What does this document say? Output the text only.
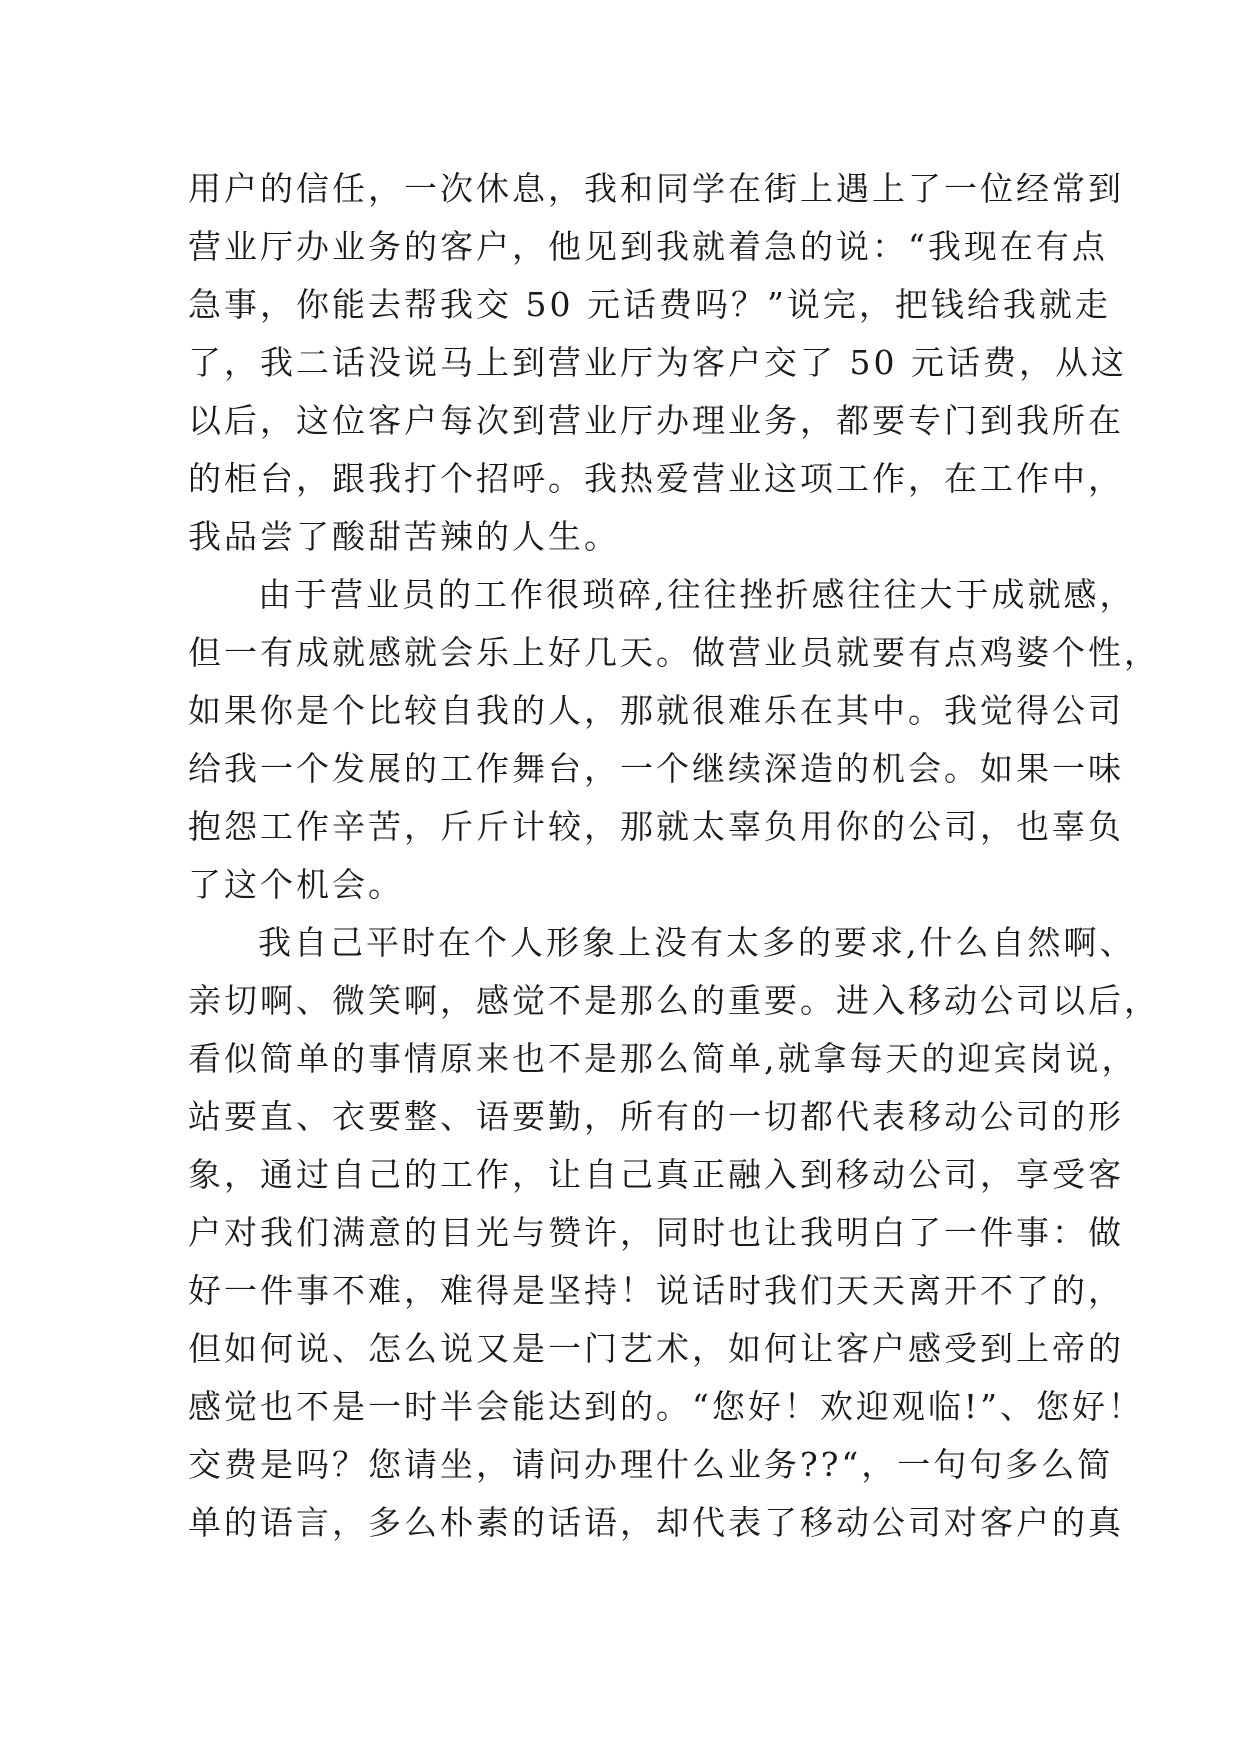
用户的信任，一次休息，我和同学在街上遇上了一位经常到
营业厅办业务的客户，他见到我就着急的说：“我现在有点
急事，你能去帮我交 50 元话费吗？”说完，把钱给我就走
了，我二话没说马上到营业厅为客户交了 50 元话费，从这
以后，这位客户每次到营业厅办理业务，都要专门到我所在
的柜台，跟我打个招呼。我热爱营业这项工作，在工作中，
我品尝了酸甜苦辣的人生。
由于营业员的工作很琐碎,往往挫折感往往大于成就感，
但一有成就感就会乐上好几天。做营业员就要有点鸡婆个性，
如果你是个比较自我的人，那就很难乐在其中。我觉得公司
给我一个发展的工作舞台，一个继续深造的机会。如果一味
抱怨工作辛苦，斤斤计较，那就太辜负用你的公司，也辜负
了这个机会。
我自己平时在个人形象上没有太多的要求,什么自然啊、
亲切啊、微笑啊，感觉不是那么的重要。进入移动公司以后，
看似简单的事情原来也不是那么简单,就拿每天的迎宾岗说，
站要直、衣要整、语要勤，所有的一切都代表移动公司的形
象，通过自己的工作，让自己真正融入到移动公司，享受客
户对我们满意的目光与赞许，同时也让我明白了一件事：做
好一件事不难，难得是坚持！说话时我们天天离开不了的，
但如何说、怎么说又是一门艺术，如何让客户感受到上帝的
感觉也不是一时半会能达到的。“您好！欢迎观临!”、您好！
交费是吗？您请坐，请问办理什么业务??“，一句句多么简
单的语言，多么朴素的话语，却代表了移动公司对客户的真
